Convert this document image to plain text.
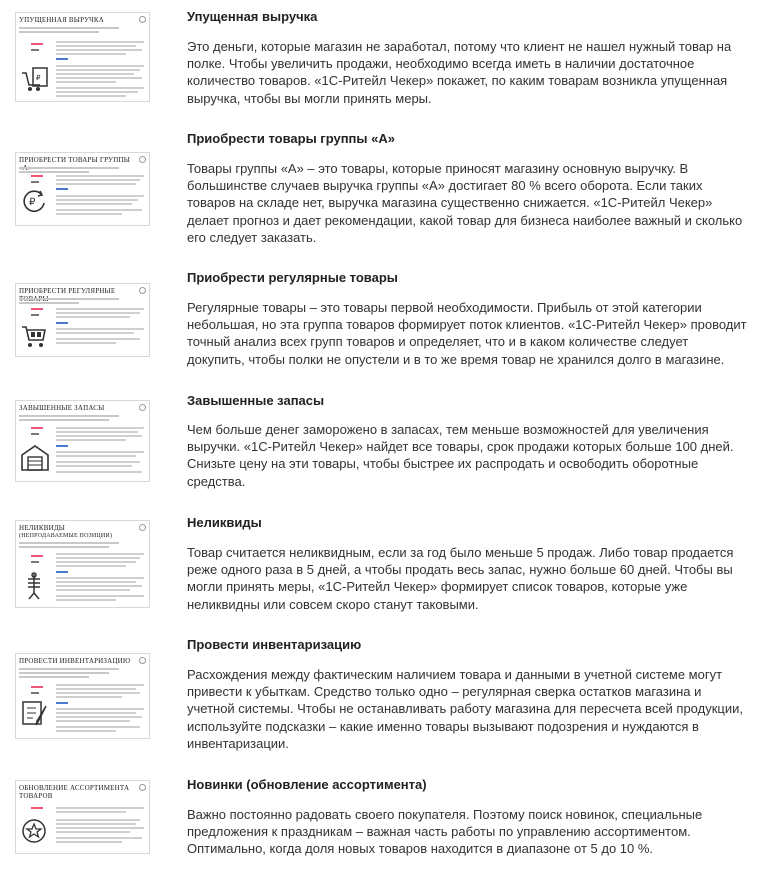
УПУЩЕННАЯ ВЫРУЧКА
₽
Упущенная выручка
Это деньги, которые магазин не заработал, потому что клиент не нашел нужный товар на полке. Чтобы увеличить продажи, необходимо всегда иметь в наличии достаточное количество товаров. «1С-Ритейл Чекер» покажет, по каким товарам возникла упущенная выручка, чтобы вы могли принять меры.
ПРИОБРЕСТИ ТОВАРЫ ГРУППЫ
₽
Приобрести товары группы «А»
Товары группы «А» – это товары, которые приносят магазину основную выручку. В большинстве случаев выручка группы «А» достигает 80 % всего оборота. Если таких товаров на складе нет, выручка магазина существенно снижается. «1С-Ритейл Чекер» делает прогноз и дает рекомендации, какой товар для бизнеса наиболее важный и сколько его следует заказать.
ПРИОБРЕСТИ РЕГУЛЯРНЫЕ
Приобрести регулярные товары
Регулярные товары – это товары первой необходимости. Прибыль от этой категории небольшая, но эта группа товаров формирует поток клиентов. «1С-Ритейл Чекер» проводит точный анализ всех групп товаров и определяет, что и в каком количестве следует докупить, чтобы полки не опустели и в то же время товар не хранился долго в магазине.
ЗАВЫШЕННЫЕ ЗАПАСЫ	Завышенные запасы
Чем больше денег заморожено в запасах, тем меньше возможностей для увеличения выручки. «1С-Ритейл Чекер» найдет все товары, срок продажи которых больше 100 дней. Снизьте цену на эти товары, чтобы быстрее их распродать и освободить оборотные средства.
НЕЛИКВИДЫ
(НЕПРОДАВАЕМЫЕ ПОЗИЦИИ)
Неликвиды
Товар считается неликвидным, если за год было меньше 5 продаж. Либо товар продается реже одного раза в 5 дней, а чтобы продать весь запас, нужно больше 60 дней. Чтобы вы могли принять меры, «1С-Ритейл Чекер» формирует список товаров, которые уже неликвидны или совсем скоро станут таковыми.
ПРОВЕСТИ ИНВЕНТАРИЗАЦИЮ
Провести инвентаризацию
Расхождения между фактическим наличием товара и данными в учетной системе могут привести к убыткам. Средство только одно – регулярная сверка остатков магазина и учетной системы. Чтобы не останавливать работу магазина для пересчета всей продукции, используйте подсказки – какие именно товары вызывают подозрения и нуждаются в инвентаризации.
ОБНОВЛЕНИЕ АССОРТИМЕНТА
ТОВАРОВ
Новинки (обновление ассортимента)
Важно постоянно радовать своего покупателя. Поэтому поиск новинок, специальные предложения к праздникам – важная часть работы по управлению ассортиментом. Оптимально, когда доля новых товаров находится в диапазоне от 5 до 10 %.
